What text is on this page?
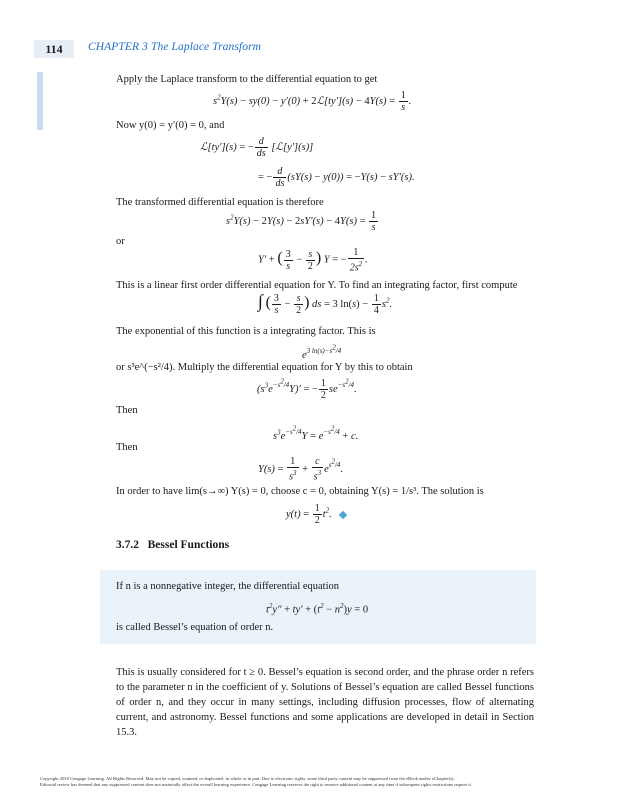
114	CHAPTER 3 The Laplace Transform
Apply the Laplace transform to the differential equation to get
$s^2Y(s) - sy(0) - y'(0)$ + 2ℒ[ty′](s) − $4Y(s) = \frac{1}{s}$ .
Now y(0) = y′(0) = 0, and
ℒ[ty′](s) = − $\frac{d}{ds}$ [ℒ[y′](s)]
= − $\frac{d}{ds} (sY(s) - y(0)) = -Y(s) - sY'(s)$.
The transformed differential equation is therefore
$s^2Y(s) - 2Y(s) - 2sY'(s) - 4Y(s) = \frac{1}{s}$
or
Y′ + ( $\frac{3}{s} - \frac{s}{2}$ ) Y = − $\frac{1}{2s^2}$ .
This is a linear first order differential equation for Y. To find an integrating factor, first compute
∫ ( $\frac{3}{s} - \frac{s}{2}$ ) ds = 3 $\ln(s) - \frac{1}{4} s^2$.
The exponential of this function is a integrating factor. This is
$e^{3 ln(s)-s^2/4}$
or s³e^(−s²/4). Multiply the differential equation for Y by this to obtain
$(s^3e^{-s^2/4}Y)'$ = − $\frac{1}{2} se^{-s^2/4}$.
Then
$s^3e^{-s^2/4}Y = e^{-s^2/4} + c$.
Then
$Y(s) = \frac{1}{s^3} + \frac{c}{s^3} e^{s^2/4}$.
In order to have lim(s→∞) Y(s) = 0, choose c = 0, obtaining Y(s) = 1/s³. The solution is
$y(t) = \frac{1}{2} t^2$.
3.7.2 Bessel Functions
If n is a nonnegative integer, the differential equation
$t^2y'' + ty' + (t^2 - n^2)y = 0$
is called Bessel’s equation of order n.
This is usually considered for t ≥ 0. Bessel’s equation is second order, and the phrase order n refers to the parameter n in the coefficient of y. Solutions of Bessel’s equation are called Bessel functions of order n, and they occur in many settings, including diffusion processes, flow of alternating current, and astronomy. Bessel functions and some applications are developed in detail in Section 15.3.
Copyright 2010 Cengage Learning. All Rights Reserved. May not be copied, scanned, or duplicated, in whole or in part. Due to electronic rights, some third party content may be suppressed from the eBook and/or eChapter(s).
Editorial review has deemed that any suppressed content does not materially affect the overall learning experience. Cengage Learning reserves the right to remove additional content at any time if subsequent rights restrictions require it.
